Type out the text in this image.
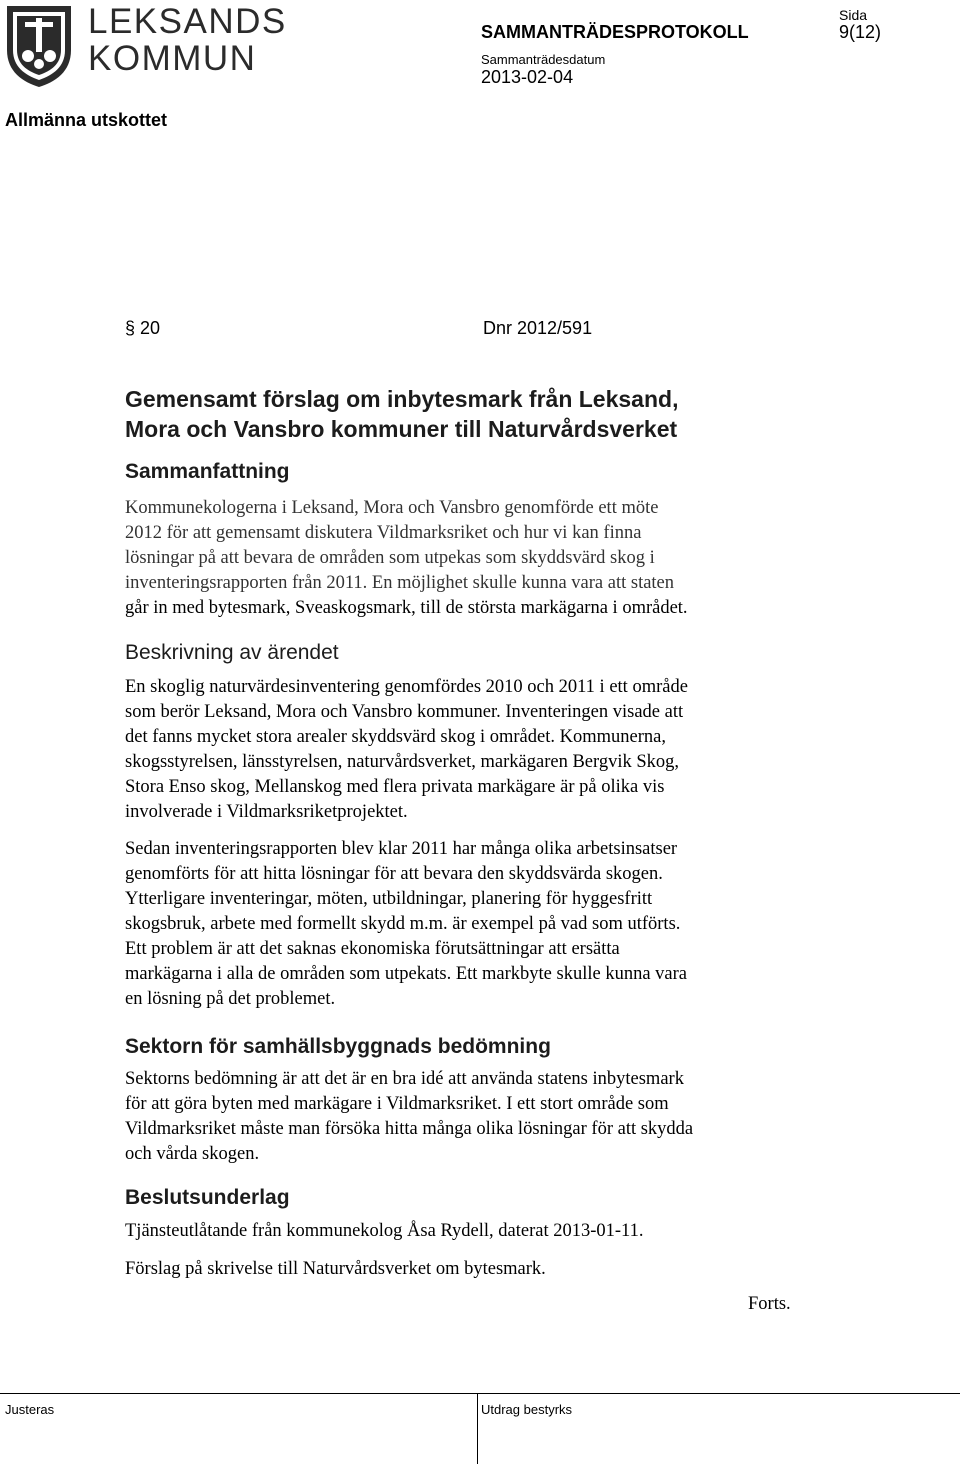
LEKSANDS
KOMMUN
SAMMANTRÄDESPROTOKOLL
Sammanträdesdatum
2013-02-04
Sida
9(12)
Allmänna utskottet
§ 20	Dnr 2012/591
Gemensamt förslag om inbytesmark från Leksand,
Mora och Vansbro kommuner till Naturvårdsverket
Sammanfattning
Kommunekologerna i Leksand, Mora och Vansbro genomförde ett möte
2012 för att gemensamt diskutera Vildmarksriket och hur vi kan finna
lösningar på att bevara de områden som utpekas som skyddsvärd skog i
inventeringsrapporten från 2011. En möjlighet skulle kunna vara att staten
går in med bytesmark, Sveaskogsmark, till de största markägarna i området.
Beskrivning av ärendet
En skoglig naturvärdesinventering genomfördes 2010 och 2011 i ett område
som berör Leksand, Mora och Vansbro kommuner. Inventeringen visade att
det fanns mycket stora arealer skyddsvärd skog i området. Kommunerna,
skogsstyrelsen, länsstyrelsen, naturvårdsverket, markägaren Bergvik Skog,
Stora Enso skog, Mellanskog med flera privata markägare är på olika vis
involverade i Vildmarksriketprojektet.
Sedan inventeringsrapporten blev klar 2011 har många olika arbetsinsatser
genomförts för att hitta lösningar för att bevara den skyddsvärda skogen.
Ytterligare inventeringar, möten, utbildningar, planering för hyggesfritt
skogsbruk, arbete med formellt skydd m.m. är exempel på vad som utförts.
Ett problem är att det saknas ekonomiska förutsättningar att ersätta
markägarna i alla de områden som utpekats. Ett markbyte skulle kunna vara
en lösning på det problemet.
Sektorn för samhällsbyggnads bedömning
Sektorns bedömning är att det är en bra idé att använda statens inbytesmark
för att göra byten med markägare i Vildmarksriket. I ett stort område som
Vildmarksriket måste man försöka hitta många olika lösningar för att skydda
och vårda skogen.
Beslutsunderlag
Tjänsteutlåtande från kommunekolog Åsa Rydell, daterat 2013-01-11.
Förslag på skrivelse till Naturvårdsverket om bytesmark.
Forts.
Justeras	Utdrag bestyrks
